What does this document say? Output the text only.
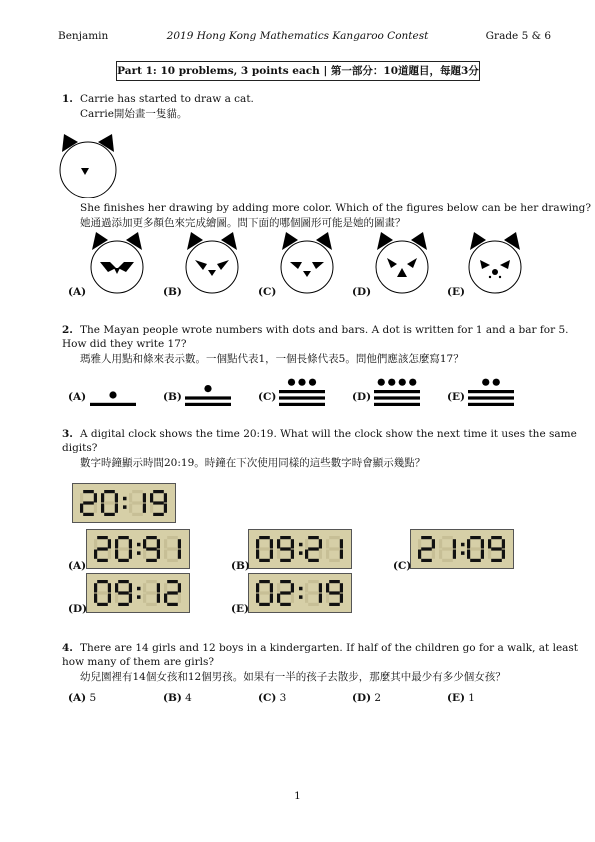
Benjamin	2019 Hong Kong Mathematics Kangaroo Contest	Grade 5 & 6
Part 1: 10 problems, 3 points each | 第一部分：10道題目，每題3分
1. Carrie has started to draw a cat.
Carrie開始畫一隻貓。
She finishes her drawing by adding more color. Which of the figures below can be her drawing?
她通過添加更多顏色來完成繪圖。問下面的哪個圖形可能是她的圖畫？
(A)	(B)	(C)	(D)	(E)
2. The Mayan people wrote numbers with dots and bars. A dot is written for 1 and a bar for 5.
How did they write 17?
瑪雅人用點和條來表示數。一個點代表1，一個長條代表5。問他們應該怎麼寫17？
(A)	(B)	(C)	(D)	(E)
3. A digital clock shows the time 20:19. What will the clock show the next time it uses the same
digits?
數字時鐘顯示時間20:19。時鐘在下次使用同樣的這些數字時會顯示幾點？
(A)	(B)	(C)
(D)	(E)
4. There are 14 girls and 12 boys in a kindergarten. If half of the children go for a walk, at least
how many of them are girls?
幼兒園裡有14個女孩和12個男孩。如果有一半的孩子去散步，那麼其中最少有多少個女孩？
(A) 5	(B) 4	(C) 3	(D) 2	(E) 1
1
